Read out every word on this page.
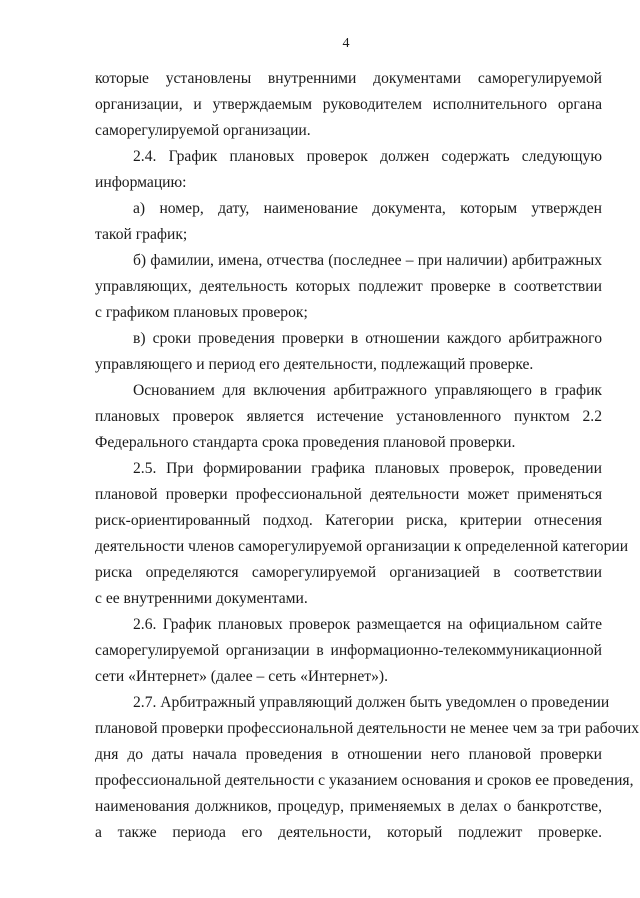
4
которые установлены внутренними документами саморегулируемой
организации, и утверждаемым руководителем исполнительного органа
саморегулируемой организации.
2.4. График плановых проверок должен содержать следующую
информацию:
а) номер, дату, наименование документа, которым утвержден
такой график;
б) фамилии, имена, отчества (последнее – при наличии) арбитражных
управляющих, деятельность которых подлежит проверке в соответствии
с графиком плановых проверок;
в) сроки проведения проверки в отношении каждого арбитражного
управляющего и период его деятельности, подлежащий проверке.
Основанием для включения арбитражного управляющего в график
плановых проверок является истечение установленного пунктом 2.2
Федерального стандарта срока проведения плановой проверки.
2.5. При формировании графика плановых проверок, проведении
плановой проверки профессиональной деятельности может применяться
риск-ориентированный подход. Категории риска, критерии отнесения
деятельности членов саморегулируемой организации к определенной категории
риска определяются саморегулируемой организацией в соответствии
с ее внутренними документами.
2.6. График плановых проверок размещается на официальном сайте
саморегулируемой организации в информационно-телекоммуникационной
сети «Интернет» (далее – сеть «Интернет»).
2.7. Арбитражный управляющий должен быть уведомлен о проведении
плановой проверки профессиональной деятельности не менее чем за три рабочих
дня до даты начала проведения в отношении него плановой проверки
профессиональной деятельности с указанием основания и сроков ее проведения,
наименования должников, процедур, применяемых в делах о банкротстве,
а также периода его деятельности, который подлежит проверке.
